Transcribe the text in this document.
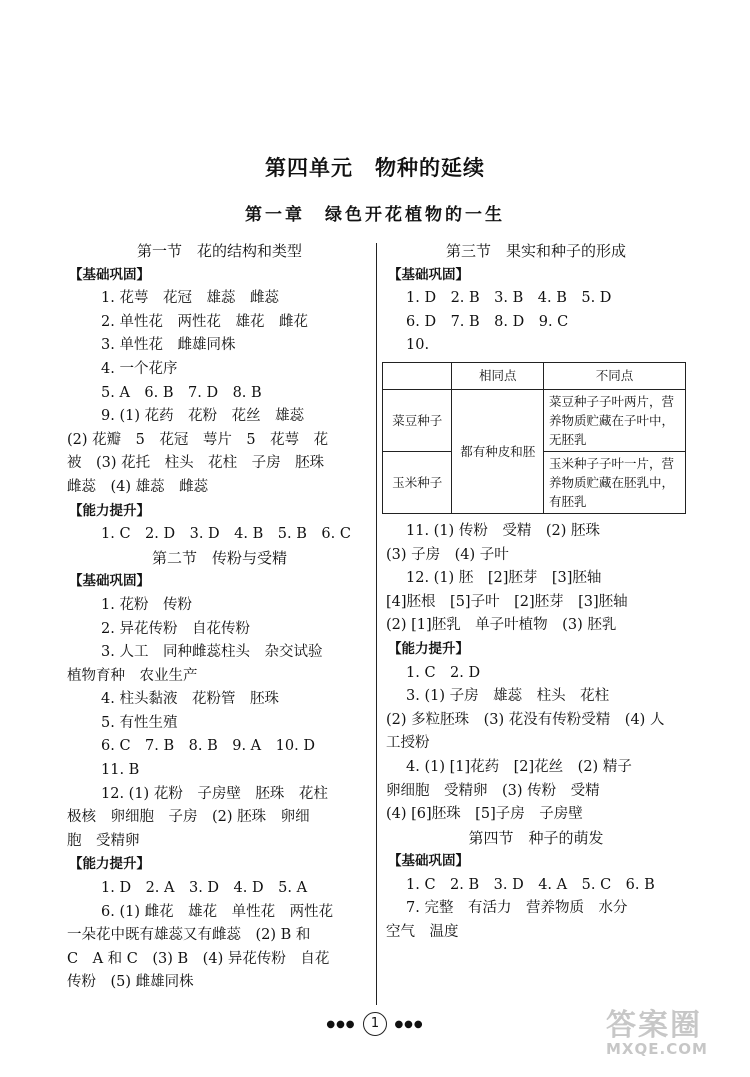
第四单元　物种的延续
第一章　绿色开花植物的一生
第一节　花的结构和类型
【基础巩固】
1. 花萼　花冠　雄蕊　雌蕊
2. 单性花　两性花　雄花　雌花
3. 单性花　雌雄同株
4. 一个花序
5. A　6. B　7. D　8. B
9. (1) 花药　花粉　花丝　雄蕊
(2) 花瓣　5　花冠　萼片　5　花萼　花
被　(3) 花托　柱头　花柱　子房　胚珠
雌蕊　(4) 雄蕊　雌蕊
【能力提升】
1. C　2. D　3. D　4. B　5. B　6. C
第二节　传粉与受精
【基础巩固】
1. 花粉　传粉
2. 异花传粉　自花传粉
3. 人工　同种雌蕊柱头　杂交试验
植物育种　农业生产
4. 柱头黏液　花粉管　胚珠
5. 有性生殖
6. C　7. B　8. B　9. A　10. D
11. B
12. (1) 花粉　子房壁　胚珠　花柱
极核　卵细胞　子房　(2) 胚珠　卵细
胞　受精卵
【能力提升】
1. D　2. A　3. D　4. D　5. A
6. (1) 雌花　雄花　单性花　两性花
一朵花中既有雄蕊又有雌蕊　(2) B 和
C　A 和 C　(3) B　(4) 异花传粉　自花
传粉　(5) 雌雄同株
第三节　果实和种子的形成
【基础巩固】
1. D　2. B　3. B　4. B　5. D
6. D　7. B　8. D　9. C
10.
	相同点	不同点
菜豆种子	都有种皮和胚	菜豆种子子叶两片，营养物质贮藏在子叶中，无胚乳
玉米种子		玉米种子子叶一片，营养物质贮藏在胚乳中，有胚乳
11. (1) 传粉　受精　(2) 胚珠
(3) 子房　(4) 子叶
12. (1) 胚　[2]胚芽　[3]胚轴
[4]胚根　[5]子叶　[2]胚芽　[3]胚轴
(2) [1]胚乳　单子叶植物　(3) 胚乳
【能力提升】
1. C　2. D
3. (1) 子房　雄蕊　柱头　花柱
(2) 多粒胚珠　(3) 花没有传粉受精　(4) 人
工授粉
4. (1) [1]花药　[2]花丝　(2) 精子
卵细胞　受精卵　(3) 传粉　受精
(4) [6]胚珠　[5]子房　子房壁
第四节　种子的萌发
【基础巩固】
1. C　2. B　3. D　4. A　5. C　6. B
7. 完整　有活力　营养物质　水分
空气　温度
●●● 1 ●●●	答案圈
MXQE.COM
